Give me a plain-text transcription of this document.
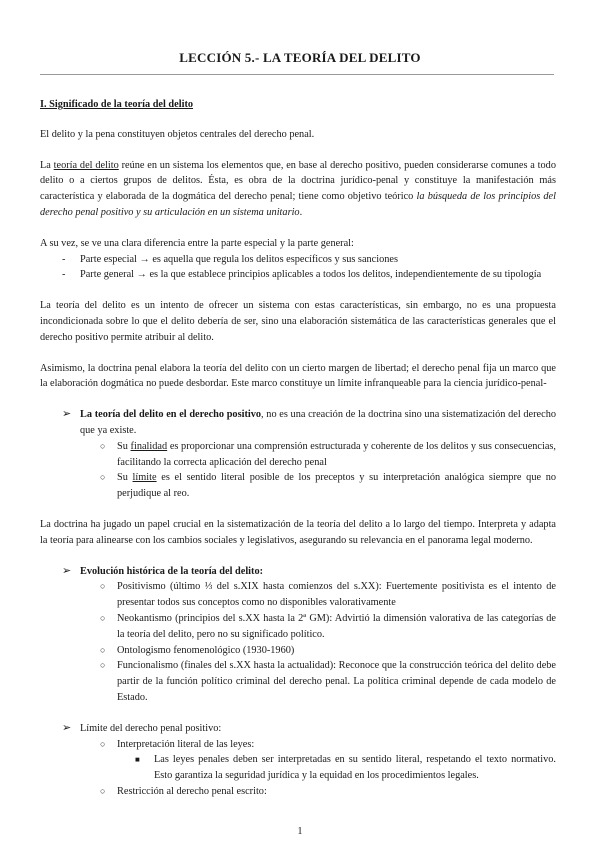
LECCIÓN 5.- LA TEORÍA DEL DELITO

I. Significado de la teoría del delito

El delito y la pena constituyen objetos centrales del derecho penal.

La teoría del delito reúne en un sistema los elementos que, en base al derecho positivo, pueden considerarse comunes a todo delito o a ciertos grupos de delitos. Ésta, es obra de la doctrina jurídico-penal y constituye la manifestación más característica y elaborada de la dogmática del derecho penal; tiene como objetivo teórico la búsqueda de los principios del derecho penal positivo y su articulación en un sistema unitario.

A su vez, se ve una clara diferencia entre la parte especial y la parte general:

- Parte especial → es aquella que regula los delitos específicos y sus sanciones
- Parte general → es la que establece principios aplicables a todos los delitos, independientemente de su tipología

La teoría del delito es un intento de ofrecer un sistema con estas características, sin embargo, no es una propuesta incondicionada sobre lo que el delito debería de ser, sino una elaboración sistemática de las características generales que el derecho positivo permite atribuir al delito.

Asimismo, la doctrina penal elabora la teoría del delito con un cierto margen de libertad; el derecho penal fija un marco que la elaboración dogmática no puede desbordar. Este marco constituye un límite infranqueable para la ciencia jurídico-penal-

➢ La teoría del delito en el derecho positivo, no es una creación de la doctrina sino una sistematización del derecho que ya existe.
○ Su finalidad es proporcionar una comprensión estructurada y coherente de los delitos y sus consecuencias, facilitando la correcta aplicación del derecho penal
○ Su límite es el sentido literal posible de los preceptos y su interpretación analógica siempre que no perjudique al reo.

La doctrina ha jugado un papel crucial en la sistematización de la teoría del delito a lo largo del tiempo. Interpreta y adapta la teoría para alinearse con los cambios sociales y legislativos, asegurando su relevancia en el panorama legal moderno.

➢ Evolución histórica de la teoría del delito:
○ Positivismo (último ⅓ del s.XIX hasta comienzos del s.XX): Fuertemente positivista es el intento de presentar todos sus conceptos como no disponibles valorativamente
○ Neokantismo (principios del s.XX hasta la 2ª GM): Advirtió la dimensión valorativa de las categorías de la teoría del delito, pero no su significado político.
○ Ontologismo fenomenológico (1930-1960)
○ Funcionalismo (finales del s.XX hasta la actualidad): Reconoce que la construcción teórica del delito debe partir de la función político criminal del derecho penal. La política criminal depende de cada modelo de Estado.
➢ Límite del derecho penal positivo:
○ Interpretación literal de las leyes:
■ Las leyes penales deben ser interpretadas en su sentido literal, respetando el texto normativo. Esto garantiza la seguridad jurídica y la equidad en los procedimientos legales.
○ Restricción al derecho penal escrito:
1
